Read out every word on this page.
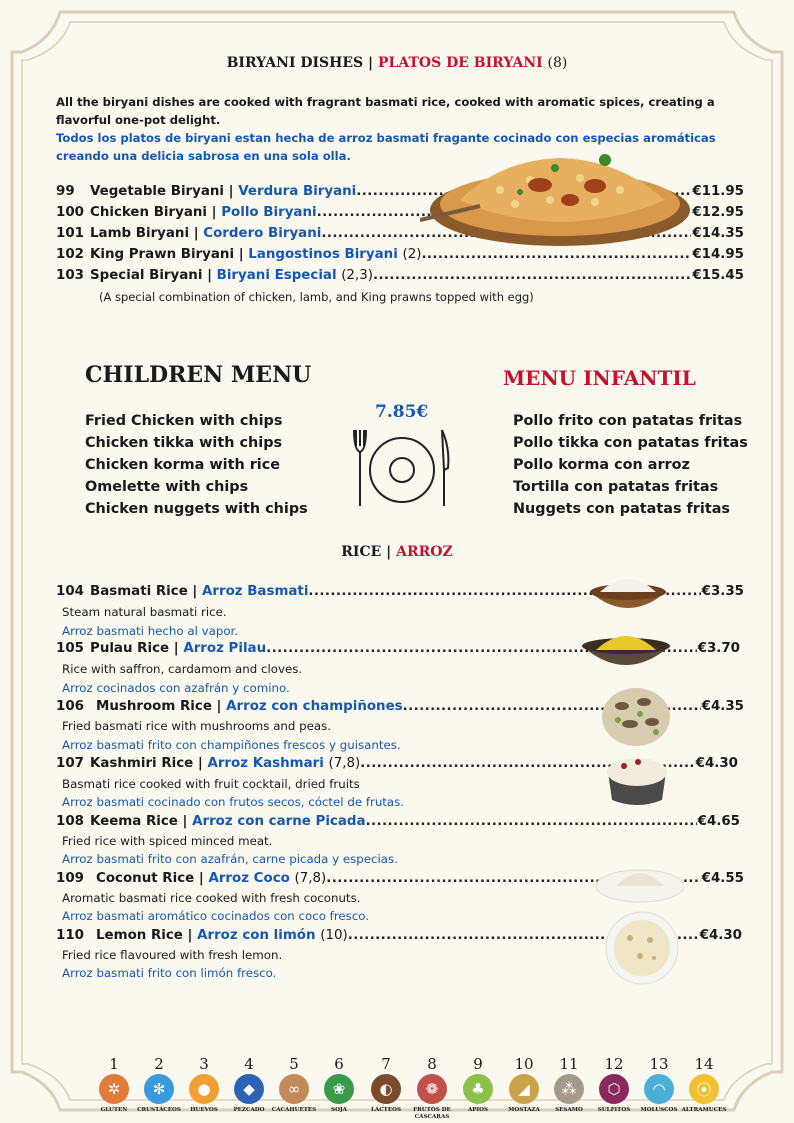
BIRYANI DISHES | PLATOS DE BIRYANI (8)

All the biryani dishes are cooked with fragrant basmati rice, cooked with aromatic spices, creating a flavorful one-pot delight.

Todos los platos de biryani estan hecha de arroz basmati fragante cocinado con especias aromáticas creando una delicia sabrosa en una sola olla.

99	Vegetable Biryani |
Verdura Biryani .....	€11.95
100 Chicken Biryani |
Pollo Biryani .....	€12.95
101 Lamb Biryani |
Cordero Biryani .....	€14.35
102 King Prawn Biryani |
Langostinos Biryani
(2) .....	€14.95
103 Special Biryani |
Biryani Especial
(2,3) .....	€15.45
(A special combination of chicken, lamb, and King prawns topped with egg)
CHILDREN MENU	MENU INFANTIL
Fried Chicken with chips
Chicken tikka with chips
Chicken korma with rice
Omelette with chips
Chicken nuggets with chips
7.85€	Pollo frito con patatas fritas
Pollo tikka con patatas fritas
Pollo korma con arroz
Tortilla con patatas fritas
Nuggets con patatas fritas
RICE | ARROZ
104 Basmati Rice |
Arroz Basmati .....	€3.35
Steam natural basmati rice.
Arroz basmati hecho al vapor.
105 Pulau Rice |
Arroz Pilau .....	€3.70
Rice with saffron, cardamom and cloves.
Arroz cocinados con azafrán y comino.
106 Mushroom Rice |
Arroz con champiñones .....	€4.35
Fried basmati rice with mushrooms and peas.
Arroz basmati frito con champiñones frescos y guisantes.
107 Kashmiri Rice |
Arroz Kashmari
(7,8) .....	€4.30
Basmati rice cooked with fruit cocktail, dried fruits
Arroz basmati cocinado con frutos secos, cóctel de frutas.
108 Keema Rice |
Arroz con carne Picada .....	€4.65
Fried rice with spiced minced meat.
Arroz basmati frito con azafrán, carne picada y especias.
109 Coconut Rice |
Arroz Coco
(7,8) .....	€4.55
Aromatic basmati rice cooked with fresh coconuts.
Arroz basmati aromático cocinados con coco fresco.
110 Lemon Rice |
Arroz con limón
(10) .....	€4.30
Fried rice flavoured with fresh lemon.
Arroz basmati frito con limón fresco.
1
✲
GLUTEN
2
✻
CRUSTÁCEOS
3
●
HUEVOS
4
◆
PEZCADO
5
∞
CACAHUETES
6
❀
SOJA
7
◐
LÁCTEOS
8
❁
FRUTOS DE CASCARAS
9
♣
APIOS
10
◢
MOSTAZA
11
⁂
SESAMO
12
⬡
SULFITOS
13
◠
MOLUSCOS
14
⦿
ALTRAMUCES
